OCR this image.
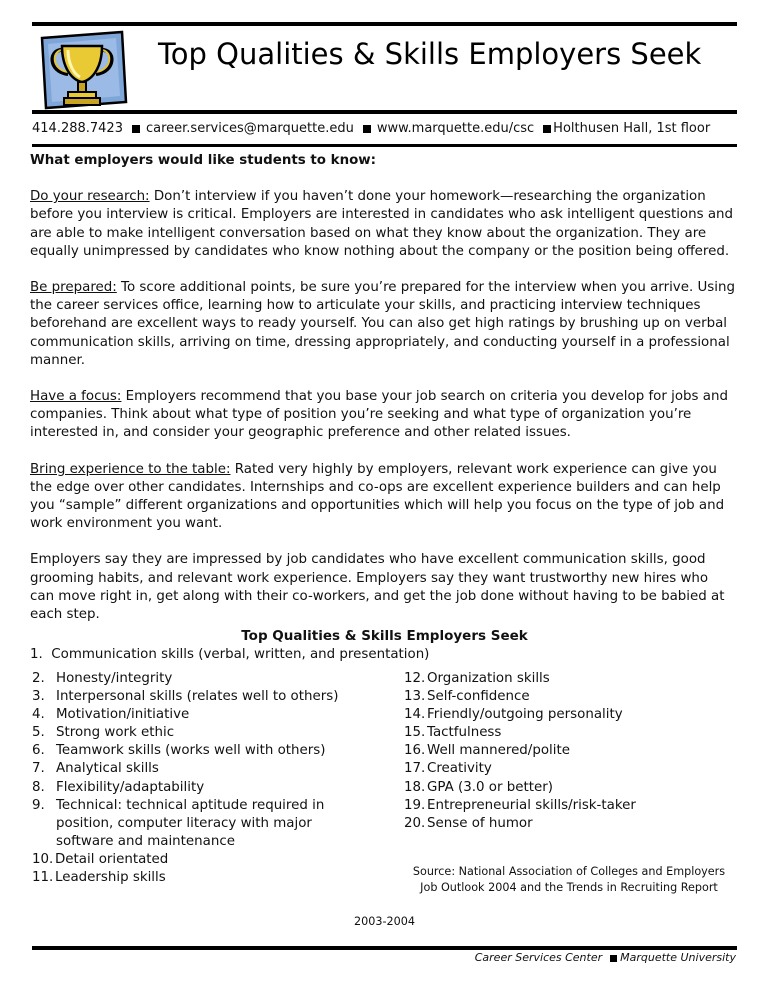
Top Qualities & Skills Employers Seek
414.288.7423 career.services@marquette.edu www.marquette.edu/csc Holthusen Hall, 1st floor

What employers would like students to know:

Do your research: Don’t interview if you haven’t done your homework—researching the organization before you interview is critical. Employers are interested in candidates who ask intelligent questions and are able to make intelligent conversation based on what they know about the organization. They are equally unimpressed by candidates who know nothing about the company or the position being offered.

Be prepared: To score additional points, be sure you’re prepared for the interview when you arrive. Using the career services office, learning how to articulate your skills, and practicing interview techniques beforehand are excellent ways to ready yourself. You can also get high ratings by brushing up on verbal communication skills, arriving on time, dressing appropriately, and conducting yourself in a professional manner.

Have a focus: Employers recommend that you base your job search on criteria you develop for jobs and companies. Think about what type of position you’re seeking and what type of organization you’re interested in, and consider your geographic preference and other related issues.

Bring experience to the table: Rated very highly by employers, relevant work experience can give you the edge over other candidates. Internships and co-ops are excellent experience builders and can help you “sample” different organizations and opportunities which will help you focus on the type of job and work environment you want.

Employers say they are impressed by job candidates who have excellent communication skills, good grooming habits, and relevant work experience. Employers say they want trustworthy new hires who can move right in, get along with their co-workers, and get the job done without having to be babied at each step.

Top Qualities & Skills Employers Seek
1. Communication skills (verbal, written, and presentation)
2. Honesty/integrity
3. Interpersonal skills (relates well to others)
4. Motivation/initiative
5. Strong work ethic
6. Teamwork skills (works well with others)
7. Analytical skills
8. Flexibility/adaptability
9. Technical: technical aptitude required in position, computer literacy with major software and maintenance
10. Detail orientated
11. Leadership skills
12. Organization skills
13. Self-confidence
14. Friendly/outgoing personality
15. Tactfulness
16. Well mannered/polite
17. Creativity
18. GPA (3.0 or better)
19. Entrepreneurial skills/risk-taker
20. Sense of humor
Source: National Association of Colleges and Employers
Job Outlook 2004 and the Trends in Recruiting Report
2003-2004
Career Services Center Marquette University
